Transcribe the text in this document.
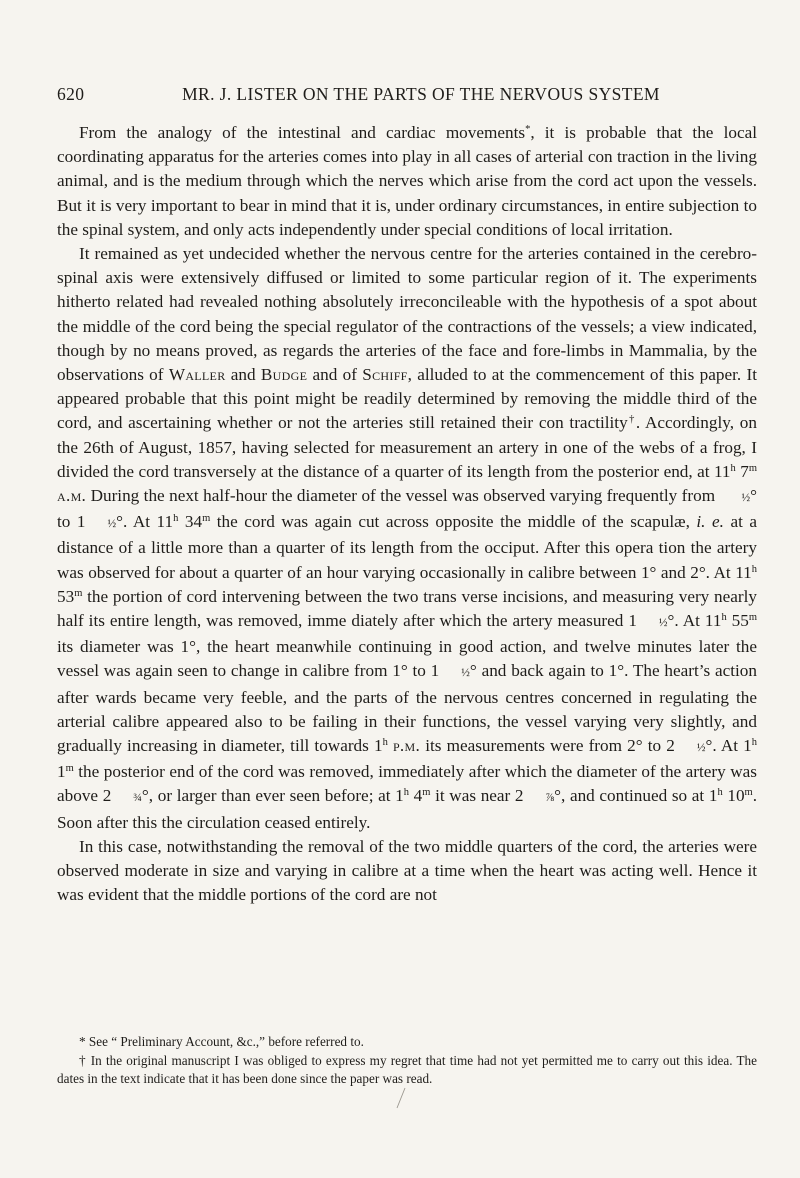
620	MR. J. LISTER ON THE PARTS OF THE NERVOUS SYSTEM

From the analogy of the intestinal and cardiac movements*, it is probable that the local coordinating apparatus for the arteries comes into play in all cases of arterial con traction in the living animal, and is the medium through which the nerves which arise from the cord act upon the vessels. But it is very important to bear in mind that it is, under ordinary circumstances, in entire subjection to the spinal system, and only acts independently under special conditions of local irritation.

It remained as yet undecided whether the nervous centre for the arteries contained in the cerebro-spinal axis were extensively diffused or limited to some particular region of it. The experiments hitherto related had revealed nothing absolutely irreconcileable with the hypothesis of a spot about the middle of the cord being the special regulator of the contractions of the vessels; a view indicated, though by no means proved, as regards the arteries of the face and fore-limbs in Mammalia, by the observations of Waller and Budge and of Schiff, alluded to at the commencement of this paper. It appeared probable that this point might be readily determined by removing the middle third of the cord, and ascertaining whether or not the arteries still retained their con tractility†. Accordingly, on the 26th of August, 1857, having selected for measurement an artery in one of the webs of a frog, I divided the cord transversely at the distance of a quarter of its length from the posterior end, at 11$^h$ 7$^m$ a.m. During the next half-hour the diameter of the vessel was observed varying frequently from ½° to 1 ½°. At 11$^h$ 34$^m$ the cord was again cut across opposite the middle of the scapulæ, i. e. at a distance of a little more than a quarter of its length from the occiput. After this opera tion the artery was observed for about a quarter of an hour varying occasionally in calibre between 1° and 2°. At 11$^h$ 53$^m$ the portion of cord intervening between the two trans verse incisions, and measuring very nearly half its entire length, was removed, imme diately after which the artery measured 1 ½°. At 11$^h$ 55$^m$ its diameter was 1°, the heart meanwhile continuing in good action, and twelve minutes later the vessel was again seen to change in calibre from 1° to 1 ½° and back again to 1°. The heart’s action after wards became very feeble, and the parts of the nervous centres concerned in regulating the arterial calibre appeared also to be failing in their functions, the vessel varying very slightly, and gradually increasing in diameter, till towards 1$^h$ p.m. its measurements were from 2° to 2 ½°. At 1$^h$ 1$^m$ the posterior end of the cord was removed, immediately after which the diameter of the artery was above 2 ¾°, or larger than ever seen before; at 1$^h$ 4$^m$ it was near 2 ⅞°, and continued so at 1$^h$ 10$^m$. Soon after this the circulation ceased entirely.

In this case, notwithstanding the removal of the two middle quarters of the cord, the arteries were observed moderate in size and varying in calibre at a time when the heart was acting well. Hence it was evident that the middle portions of the cord are not

* See “ Preliminary Account, &c.,” before referred to.

† In the original manuscript I was obliged to express my regret that time had not yet permitted me to carry out this idea. The dates in the text indicate that it has been done since the paper was read.
